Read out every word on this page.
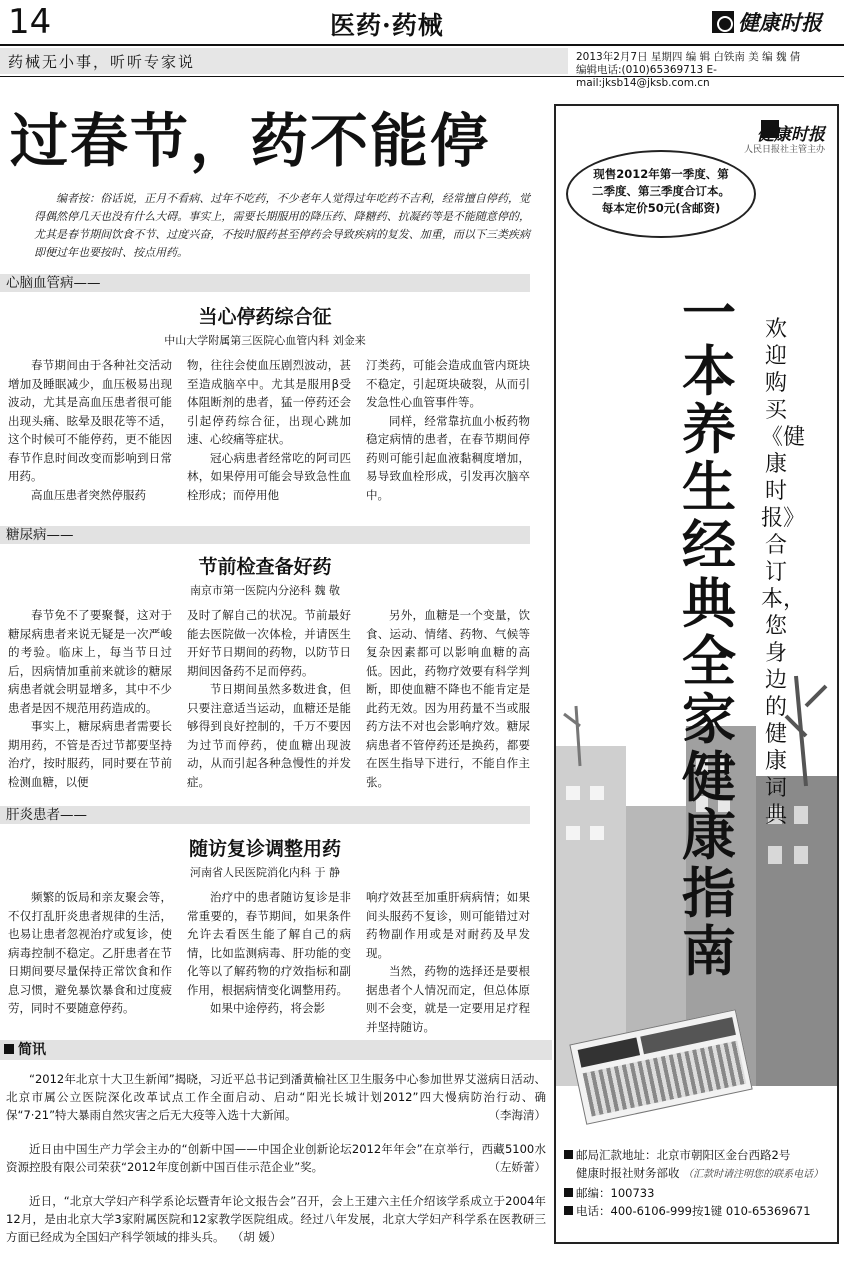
14	医药·药械	健康时报
药械无小事，听听专家说	2013年2月7日 星期四 编 辑 白铁南 美 编 魏 倩
编辑电话:(010)65369713 E-mail:jksb14@jksb.com.cn
过春节，药不能停
编者按：俗话说，正月不看病、过年不吃药，不少老年人觉得过年吃药不吉利，经常擅自停药，觉得偶然停几天也没有什么大碍。事实上，需要长期服用的降压药、降糖药、抗凝药等是不能随意停的，尤其是春节期间饮食不节、过度兴奋，不按时服药甚至停药会导致疾病的复发、加重，而以下三类疾病即便过年也要按时、按点用药。
心脑血管病——
当心停药综合征
中山大学附属第三医院心血管内科 刘金来

春节期间由于各种社交活动增加及睡眠减少，血压极易出现波动，尤其是高血压患者很可能出现头痛、眩晕及眼花等不适，这个时候可不能停药，更不能因春节作息时间改变而影响到日常用药。

高血压患者突然停服药

物，往往会使血压剧烈波动，甚至造成脑卒中。尤其是服用β受体阻断剂的患者，猛一停药还会引起停药综合征，出现心跳加速、心绞痛等症状。

冠心病患者经常吃的阿司匹林，如果停用可能会导致急性血栓形成；而停用他

汀类药，可能会造成血管内斑块不稳定，引起斑块破裂，从而引发急性心血管事件等。

同样，经常靠抗血小板药物稳定病情的患者，在春节期间停药则可能引起血液黏稠度增加，易导致血栓形成，引发再次脑卒中。

糖尿病——
节前检查备好药
南京市第一医院内分泌科 魏 敬

春节免不了要聚餐，这对于糖尿病患者来说无疑是一次严峻的考验。临床上，每当节日过后，因病情加重前来就诊的糖尿病患者就会明显增多，其中不少患者是因不规范用药造成的。

事实上，糖尿病患者需要长期用药，不管是否过节都要坚持治疗，按时服药，同时要在节前检测血糖，以便

及时了解自己的状况。节前最好能去医院做一次体检，并请医生开好节日期间的药物，以防节日期间因备药不足而停药。

节日期间虽然多数进食，但只要注意适当运动，血糖还是能够得到良好控制的，千万不要因为过节而停药，使血糖出现波动，从而引起各种急慢性的并发症。

另外，血糖是一个变量，饮食、运动、情绪、药物、气候等复杂因素都可以影响血糖的高低。因此，药物疗效要有科学判断，即使血糖不降也不能肯定是此药无效。因为用药量不当或服药方法不对也会影响疗效。糖尿病患者不管停药还是换药，都要在医生指导下进行，不能自作主张。

肝炎患者——
随访复诊调整用药
河南省人民医院消化内科 于 静

频繁的饭局和亲友聚会等，不仅打乱肝炎患者规律的生活，也易让患者忽视治疗或复诊，使病毒控制不稳定。乙肝患者在节日期间要尽量保持正常饮食和作息习惯，避免暴饮暴食和过度疲劳，同时不要随意停药。

治疗中的患者随访复诊是非常重要的，春节期间，如果条件允许去看医生能了解自己的病情，比如监测病毒、肝功能的变化等以了解药物的疗效指标和副作用，根据病情变化调整用药。

如果中途停药，将会影

响疗效甚至加重肝病病情；如果间头服药不复诊，则可能错过对药物副作用或是对耐药及早发现。

当然，药物的选择还是要根据患者个人情况而定，但总体原则不会变，就是一定要用足疗程并坚持随访。

简讯
“2012年北京十大卫生新闻”揭晓，习近平总书记到潘黄榆社区卫生服务中心参加世界艾滋病日活动、北京市属公立医院深化改革试点工作全面启动、启动“阳光长城计划2012”四大慢病防治行动、确保“7·21”特大暴雨自然灾害之后无大疫等入选十大新闻。	（李海清）
近日由中国生产力学会主办的“创新中国——中国企业创新论坛2012年年会”在京举行，西藏5100水资源控股有限公司荣获“2012年度创新中国百佳示范企业”奖。	（左娇蕾）
近日，“北京大学妇产科学系论坛暨青年论文报告会”召开，会上王建六主任介绍该学系成立于2004年12月，是由北京大学3家附属医院和12家教学医院组成。经过八年发展，北京大学妇产科学系在医教研三方面已经成为全国妇产科学领域的排头兵。 （胡 媛）
健康时报
人民日报社主管主办
现售2012年第一季度、第二季度、第三季度合订本。每本定价50元(含邮资)
一本养生经典 全家健康指南
欢迎购买《健康时报》合订本，您身边的健康词典
邮局汇款地址：北京市朝阳区金台西路2号
健康时报社财务部收 （汇款时请注明您的联系电话）
邮编：100733
电话：400-6106-999按1键 010-65369671
